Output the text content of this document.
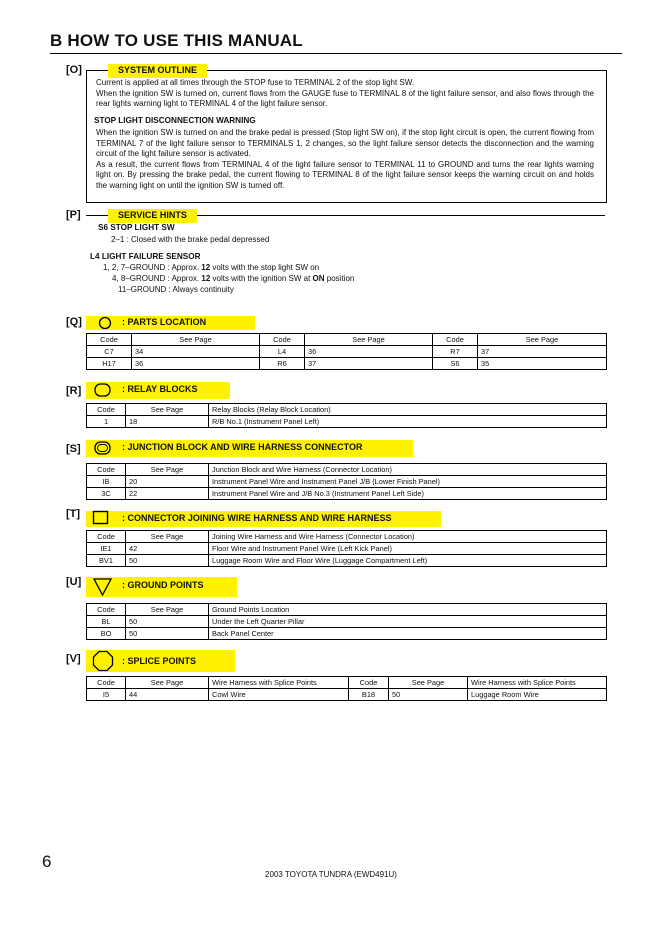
B HOW TO USE THIS MANUAL
[O]
Current is applied at all times through the STOP fuse to TERMINAL 2 of the stop light SW.
When the ignition SW is turned on, current flows from the GAUGE fuse to TERMINAL 8 of the light failure sensor, and also flows through the rear lights warning light to TERMINAL 4 of the light failure sensor.
STOP LIGHT DISCONNECTION WARNING
When the ignition SW is turned on and the brake pedal is pressed (Stop light SW on), if the stop light circuit is open, the current flowing from TERMINAL 7 of the light failure sensor to TERMINALS 1, 2 changes, so the light failure sensor detects the disconnection and the warning circuit of the light failure sensor is activated.
As a result, the current flows from TERMINAL 4 of the light failure sensor to TERMINAL 11 to GROUND and turns the rear lights warning light on. By pressing the brake pedal, the current flowing to TERMINAL 8 of the light failure sensor keeps the warning circuit on and holds the warning light on until the ignition SW is turned off.
SYSTEM OUTLINE
[P]	SERVICE HINTS
S6 STOP LIGHT SW
2–1 : Closed with the brake pedal depressed
L4 LIGHT FAILURE SENSOR
1, 2, 7–GROUND : Approx. 12 volts with the stop light SW on
4, 8–GROUND : Approx. 12 volts with the ignition SW at ON position
11–GROUND : Always continuity
[Q]	: PARTS LOCATION
Code	See Page	Code	See Page	Code	See Page
C7	34	L4	36	R7	37
H17	36	R6	37	S6	35
[R]	: RELAY BLOCKS
Code	See Page	Relay Blocks (Relay Block Location)
1	18	R/B No.1 (Instrument Panel Left)
[S]	: JUNCTION BLOCK AND WIRE HARNESS CONNECTOR
Code	See Page	Junction Block and Wire Harness (Connector Location)
IB	20	Instrument Panel Wire and Instrument Panel J/B (Lower Finish Panel)
3C	22	Instrument Panel Wire and J/B No.3 (Instrument Panel Left Side)
[T]	: CONNECTOR JOINING WIRE HARNESS AND WIRE HARNESS
Code	See Page	Joining Wire Harness and Wire Harness (Connector Location)
IE1	42	Floor Wire and Instrument Panel Wire (Left Kick Panel)
BV1	50	Luggage Room Wire and Floor Wire (Luggage Compartment Left)
[U]	: GROUND POINTS
Code	See Page	Ground Points Location
BL	50	Under the Left Quarter Pillar
BO	50	Back Panel Center
[V]	: SPLICE POINTS
Code	See Page	Wire Harness with Splice Points	Code	See Page	Wire Harness with Splice Points
I5	44	Cowl Wire	B18	50	Luggage Room Wire
6
2003 TOYOTA TUNDRA (EWD491U)
